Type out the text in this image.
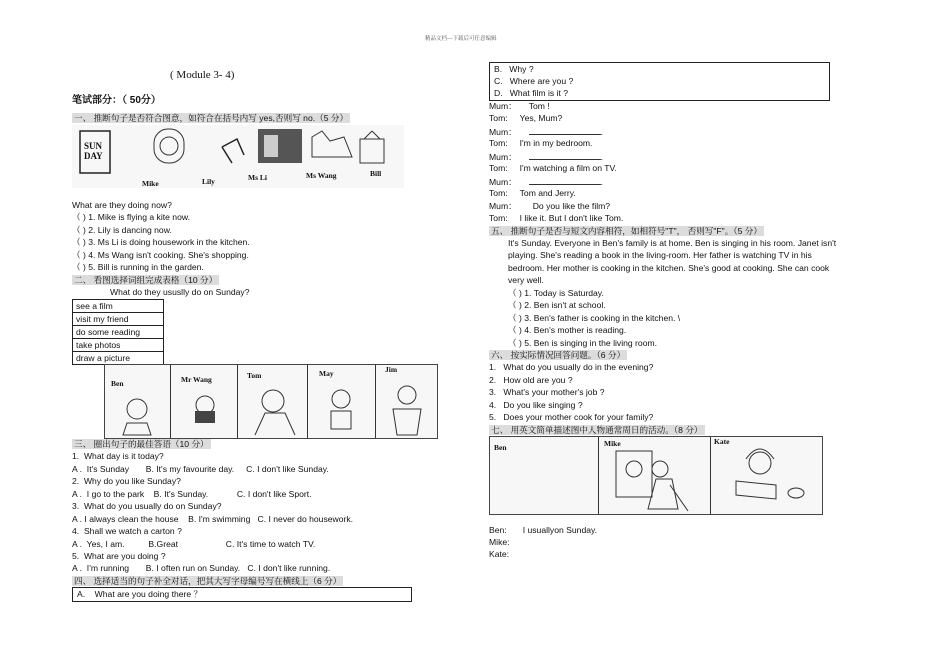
精品文档---下载后可任意编辑
( Module 3- 4)
笔试部分：（ 50分）
一、 推断句子是否符合图意，如符合在括号内写 yes,否则写 no.（5 分）
SUN DAY
Mike	Lily	Ms Li	Ms Wang	Bill
What are they doing now?
（ ) 1. Mike is flying a kite now.
（ ) 2. Lily is dancing now.
（ ) 3. Ms Li is doing housework in the kitchen.
（ ) 4. Ms Wang isn't cooking. She's shopping.
（ ) 5. Bill is running in the garden.
二、 看图选择词组完成表格（10 分）
What do they ususlly do on Sunday?
see a film
visit my friend
do some reading
take photos
draw a picture
Ben	Mr Wang	Tom	May	Jim
三、 圈出句子的最佳答语（10 分）
1.  What day is it today?
A .  It's Sunday       B. It's my favourite day.     C. I don't like Sunday.
2.  Why do you like Sunday?
A .  I go to the park    B. It's Sunday.            C. I don't like Sport.
3.  What do you usually do on Sunday?
A . I always clean the house    B. I'm swimming   C. I never do housework.
4.  Shall we watch a carton ?
A .  Yes, I am.          B.Great                    C. It's time to watch TV.
5.  What are you doing ?
A .  I'm running       B. I often run on Sunday.   C. I don't like running.
四、 选择适当的句子补全对话，把其大写字母编号写在横线上（6 分）
A.    What are you doing there ？
B.   Why ?
C.   Where are you ?
D.   What film is it ?
Mum： Tom !
Tom: Yes, Mum?
Mum：	.
Tom: I'm in my bedroom.
Mum：	.
Tom: I'm watching a film on TV.
Mum：	.
Tom: Tom and Jerry.
Mum： Do you like the film?
Tom: I like it. But I don't like Tom.
五、 推断句子是否与短文内容相符，如相符号"T"， 否则写"F"。（5 分）
It's Sunday. Everyone in Ben's family is at home. Ben is singing in his room. Janet isn't
playing. She's reading a book in the living-room. Her father is watching TV in his
bedroom. Her mother is cooking in the kitchen. She's good at cooking. She can cook
very well.
（ ) 1. Today is Saturday.
（ ) 2. Ben isn't at school.
（ ) 3. Ben's father is cooking in the kitchen. \
（ ) 4. Ben's mother is reading.
（ ) 5. Ben is singing in the living room.
六、 按实际情况回答问题。（6 分）
1.   What do you usually do in the evening?
2.   How old are you ?
3.   What's your mother's job ?
4.   Do you like singing ?
5.   Does your mother cook for your family?
七、 用英文简单描述图中人物通常周日的活动。（8 分）
Ben	Mike	Kate
Ben: I usuallyon Sunday.
Mike:
Kate:
